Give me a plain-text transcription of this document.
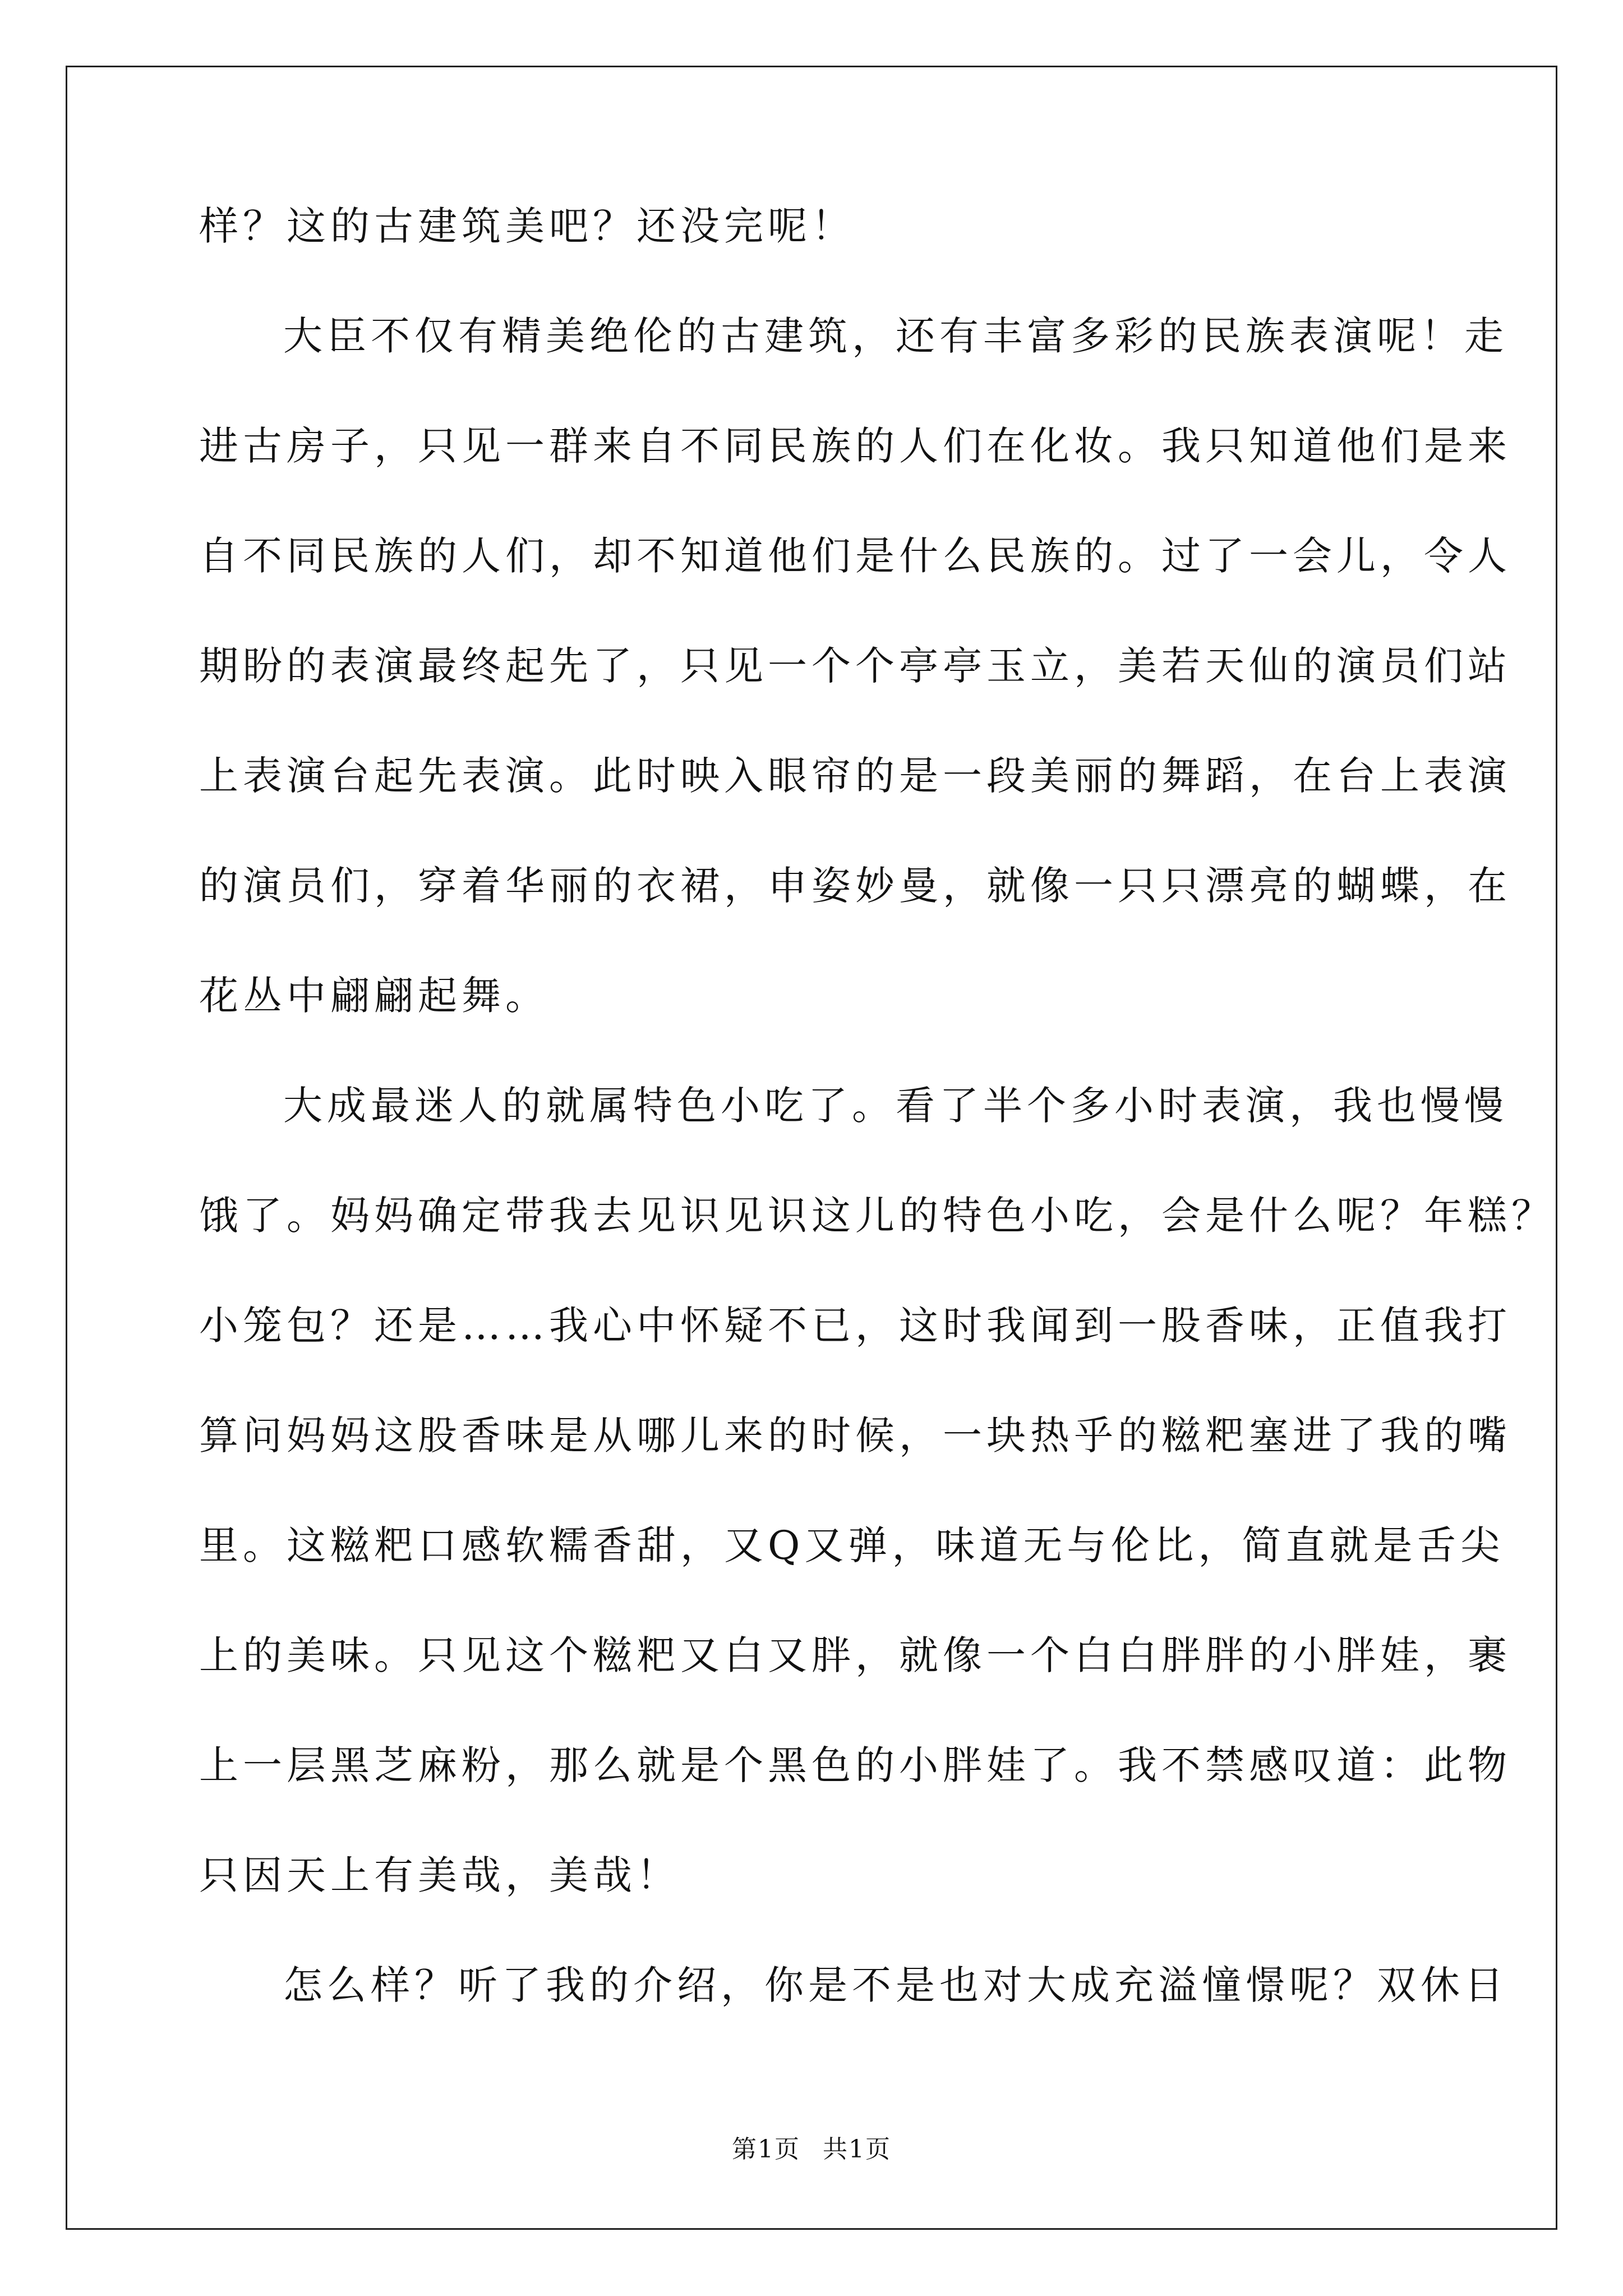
样？这的古建筑美吧？还没完呢！
大臣不仅有精美绝伦的古建筑，还有丰富多彩的民族表演呢！走
进古房子，只见一群来自不同民族的人们在化妆。我只知道他们是来
自不同民族的人们，却不知道他们是什么民族的。过了一会儿，令人
期盼的表演最终起先了，只见一个个亭亭玉立，美若天仙的演员们站
上表演台起先表演。此时映入眼帘的是一段美丽的舞蹈，在台上表演
的演员们，穿着华丽的衣裙，申姿妙曼，就像一只只漂亮的蝴蝶，在
花丛中翩翩起舞。
大成最迷人的就属特色小吃了。看了半个多小时表演，我也慢慢
饿了。妈妈确定带我去见识见识这儿的特色小吃，会是什么呢？年糕？
小笼包？还是……我心中怀疑不已，这时我闻到一股香味，正值我打
算问妈妈这股香味是从哪儿来的时候，一块热乎的糍粑塞进了我的嘴
里。这糍粑口感软糯香甜，又Q又弹，味道无与伦比，简直就是舌尖
上的美味。只见这个糍粑又白又胖，就像一个白白胖胖的小胖娃，裹
上一层黑芝麻粉，那么就是个黑色的小胖娃了。我不禁感叹道：此物
只因天上有美哉，美哉！
怎么样？听了我的介绍，你是不是也对大成充溢憧憬呢？双休日
第1页 共1页
